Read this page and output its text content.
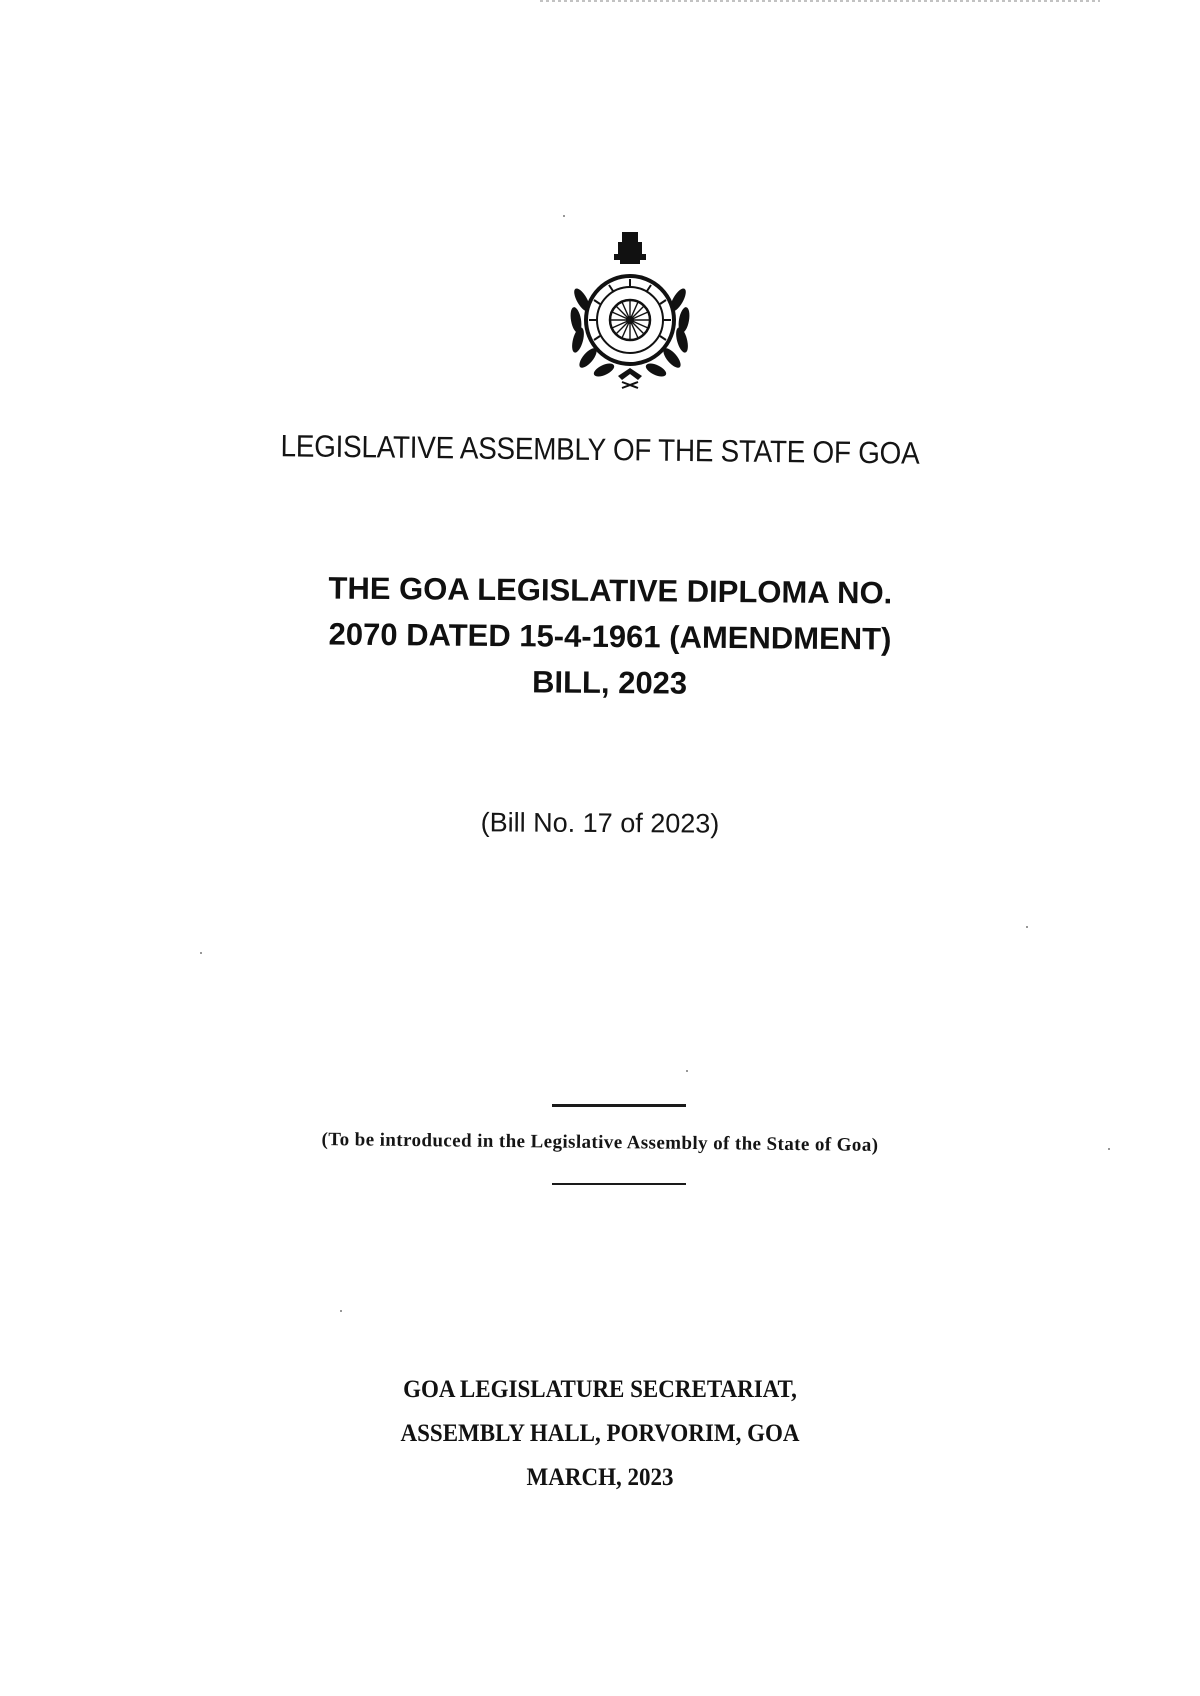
LEGISLATIVE ASSEMBLY OF THE STATE OF GOA
THE GOA LEGISLATIVE DIPLOMA NO.
2070 DATED 15-4-1961 (AMENDMENT)
BILL, 2023
(Bill No. 17 of 2023)
(To be introduced in the Legislative Assembly of the State of Goa)
GOA LEGISLATURE SECRETARIAT,
ASSEMBLY HALL, PORVORIM, GOA
MARCH, 2023
